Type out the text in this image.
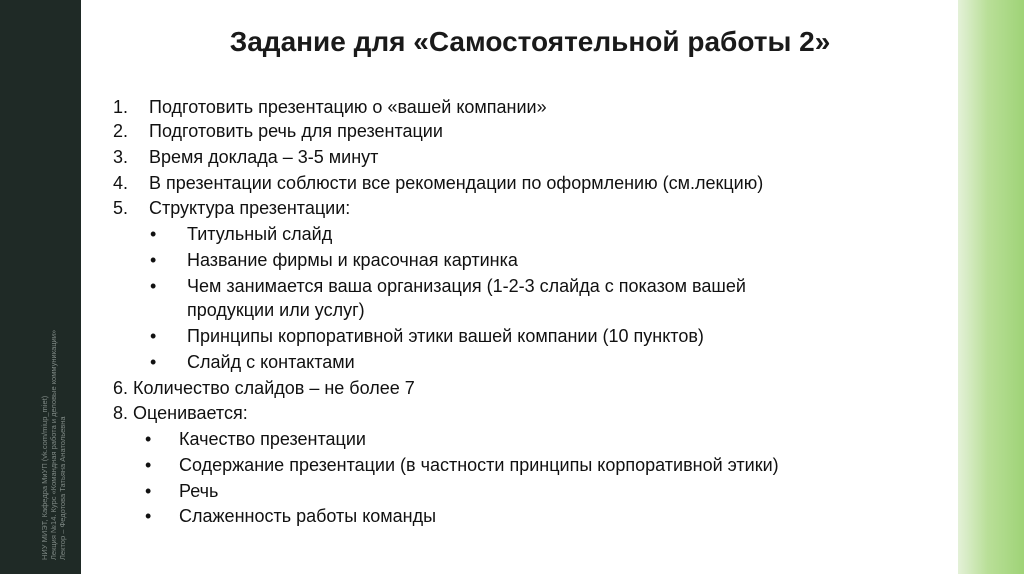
НИУ МИЭТ, Кафедра МиУП (vk.com/miup_miet) Лекция №14. Курс «Командная работа и деловые коммуникации» Лектор – Федотова Татьяна Анатольевна
Задание для «Самостоятельной работы 2»
1. Подготовить презентацию о «вашей компании»
2. Подготовить речь для презентации
3. Время доклада – 3-5 минут
4. В презентации соблюсти все рекомендации по оформлению (см.лекцию)
5. Структура презентации:
• Титульный слайд
• Название фирмы и красочная картинка
• Чем занимается ваша организация (1-2-3 слайда с показом вашей
продукции или услуг)
• Принципы корпоративной этики вашей компании (10 пунктов)
• Слайд с контактами
6. Количество слайдов – не более 7
8. Оценивается:
• Качество презентации
• Содержание презентации (в частности принципы корпоративной этики)
• Речь
• Слаженность работы команды
